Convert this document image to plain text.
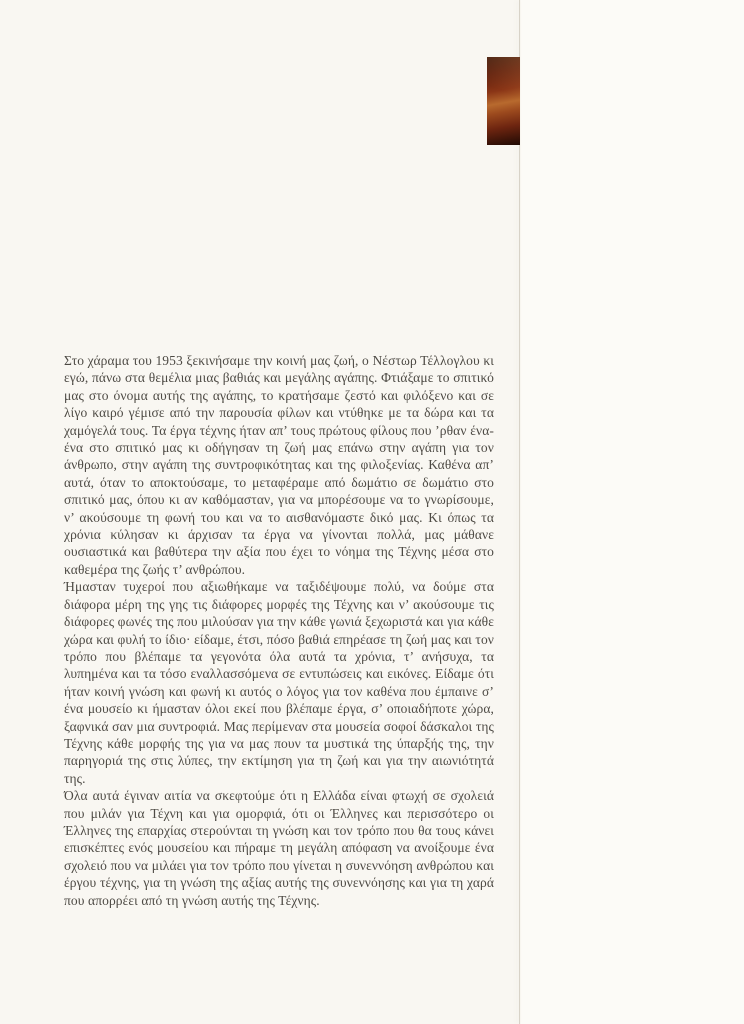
Στο χάραμα του 1953 ξεκινήσαμε την κοινή μας ζωή, ο Νέστωρ Τέλλογλου κι εγώ, πάνω στα θεμέλια μιας βαθιάς και μεγάλης αγάπης. Φτιάξαμε το σπιτικό μας στο όνομα αυτής της αγάπης, το κρατήσαμε ζεστό και φιλόξενο και σε λίγο καιρό γέμισε από την παρουσία φίλων και ντύθηκε με τα δώρα και τα χαμόγελά τους. Τα έργα τέχνης ήταν απ’ τους πρώτους φίλους που ’ρθαν ένα-ένα στο σπιτικό μας κι οδήγησαν τη ζωή μας επάνω στην αγάπη για τον άνθρωπο, στην αγάπη της συντροφικότητας και της φιλοξενίας. Καθένα απ’ αυτά, όταν το αποκτούσαμε, το μεταφέραμε από δωμάτιο σε δωμάτιο στο σπιτικό μας, όπου κι αν καθόμασταν, για να μπορέσουμε να το γνωρίσουμε, ν’ ακούσουμε τη φωνή του και να το αισθανόμαστε δικό μας. Κι όπως τα χρόνια κύλησαν κι άρχισαν τα έργα να γίνονται πολλά, μας μάθανε ουσιαστικά και βαθύτερα την αξία που έχει το νόημα της Τέχνης μέσα στο καθεμέρα της ζωής τ’ ανθρώπου.

Ήμασταν τυχεροί που αξιωθήκαμε να ταξιδέψουμε πολύ, να δούμε στα διάφορα μέρη της γης τις διάφορες μορφές της Τέχνης και ν’ ακούσουμε τις διάφορες φωνές της που μιλούσαν για την κάθε γωνιά ξεχωριστά και για κάθε χώρα και φυλή το ίδιο· είδαμε, έτσι, πόσο βαθιά επηρέασε τη ζωή μας και τον τρόπο που βλέπαμε τα γεγονότα όλα αυτά τα χρόνια, τ’ ανήσυχα, τα λυπημένα και τα τόσο εναλλασσόμενα σε εντυπώσεις και εικόνες. Είδαμε ότι ήταν κοινή γνώση και φωνή κι αυτός ο λόγος για τον καθένα που έμπαινε σ’ ένα μουσείο κι ήμασταν όλοι εκεί που βλέπαμε έργα, σ’ οποιαδήποτε χώρα, ξαφνικά σαν μια συντροφιά. Μας περίμεναν στα μουσεία σοφοί δάσκαλοι της Τέχνης κάθε μορφής της για να μας πουν τα μυστικά της ύπαρξής της, την παρηγοριά της στις λύπες, την εκτίμηση για τη ζωή και για την αιωνιότητά της.

Όλα αυτά έγιναν αιτία να σκεφτούμε ότι η Ελλάδα είναι φτωχή σε σχολειά που μιλάν για Τέχνη και για ομορφιά, ότι οι Έλληνες και περισσότερο οι Έλληνες της επαρχίας στερούνται τη γνώση και τον τρόπο που θα τους κάνει επισκέπτες ενός μουσείου και πήραμε τη μεγάλη απόφαση να ανοίξουμε ένα σχολειό που να μιλάει για τον τρόπο που γίνεται η συνεννόηση ανθρώπου και έργου τέχνης, για τη γνώση της αξίας αυτής της συνεννόησης και για τη χαρά που απορρέει από τη γνώση αυτής της Τέχνης.
